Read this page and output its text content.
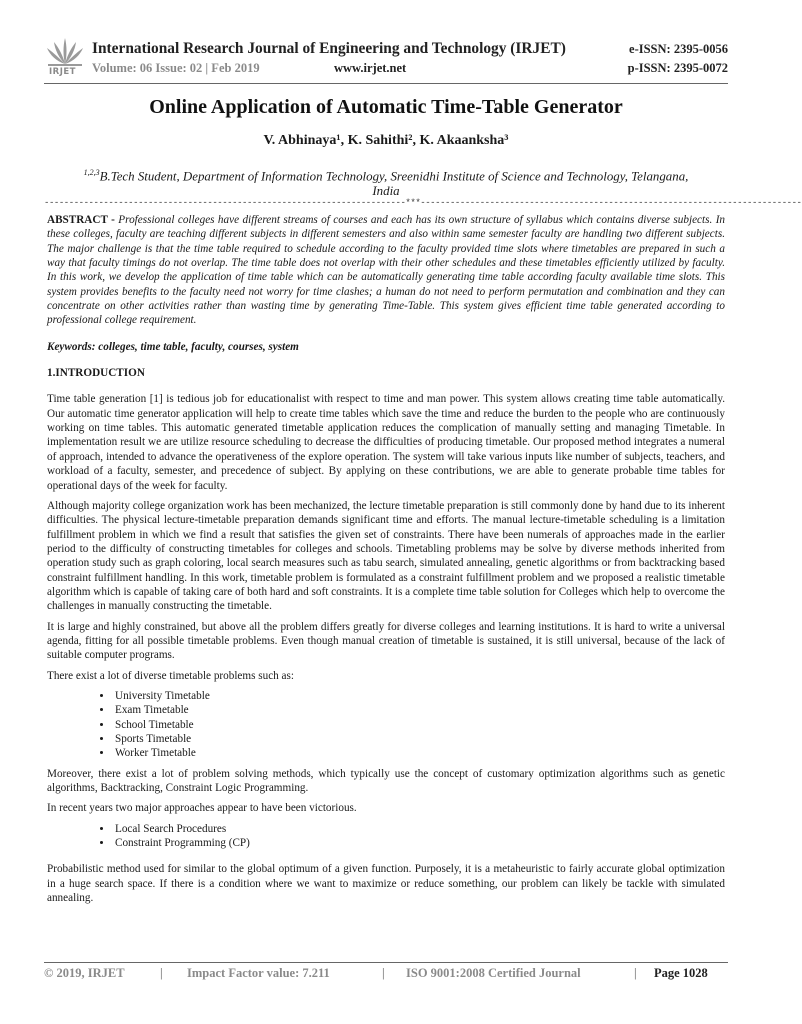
IRJET
International Research Journal of Engineering and Technology (IRJET)
Volume: 06 Issue: 02 | Feb 2019	www.irjet.net
e-ISSN: 2395-0056
p-ISSN: 2395-0072
Online Application of Automatic Time-Table Generator
V. Abhinaya¹, K. Sahithi², K. Akaanksha³
$^{1,2,3}$B.Tech Student, Department of Information Technology, Sreenidhi Institute of Science and Technology, Telangana, India
-------------------------------------------------------------------------***-----------------------------------------------------------------------------

ABSTRACT - Professional colleges have different streams of courses and each has its own structure of syllabus which contains diverse subjects. In these colleges, faculty are teaching different subjects in different semesters and also within same semester faculty are handling two different subjects. The major challenge is that the time table required to schedule according to the faculty provided time slots where timetables are prepared in such a way that faculty timings do not overlap. The time table does not overlap with their other schedules and these timetables efficiently utilized by faculty. In this work, we develop the application of time table which can be automatically generating time table according faculty available time slots. This system provides benefits to the faculty need not worry for time clashes; a human do not need to perform permutation and combination and they can concentrate on other activities rather than wasting time by generating Time-Table. This system gives efficient time table generated according to professional college requirement.

Keywords: colleges, time table, faculty, courses, system

1.INTRODUCTION

Time table generation [1] is tedious job for educationalist with respect to time and man power. This system allows creating time table automatically. Our automatic time generator application will help to create time tables which save the time and reduce the burden to the people who are continuously working on time tables. This automatic generated timetable application reduces the complication of manually setting and managing Timetable. In implementation result we are utilize resource scheduling to decrease the difficulties of producing timetable. Our proposed method integrates a numeral of approach, intended to advance the operativeness of the explore operation. The system will take various inputs like number of subjects, teachers, and workload of a faculty, semester, and precedence of subject. By applying on these contributions, we are able to generate probable time tables for operational days of the week for faculty.

Although majority college organization work has been mechanized, the lecture timetable preparation is still commonly done by hand due to its inherent difficulties. The physical lecture-timetable preparation demands significant time and efforts. The manual lecture-timetable scheduling is a limitation fulfillment problem in which we find a result that satisfies the given set of constraints. There have been numerals of approaches made in the earlier period to the difficulty of constructing timetables for colleges and schools. Timetabling problems may be solve by diverse methods inherited from operation study such as graph coloring, local search measures such as tabu search, simulated annealing, genetic algorithms or from backtracking based constraint fulfillment handling. In this work, timetable problem is formulated as a constraint fulfillment problem and we proposed a realistic timetable algorithm which is capable of taking care of both hard and soft constraints. It is a complete time table solution for Colleges which help to overcome the challenges in manually constructing the timetable.

It is large and highly constrained, but above all the problem differs greatly for diverse colleges and learning institutions. It is hard to write a universal agenda, fitting for all possible timetable problems. Even though manual creation of timetable is sustained, it is still universal, because of the lack of suitable computer programs.

There exist a lot of diverse timetable problems such as:

• University Timetable
• Exam Timetable
• School Timetable
• Sports Timetable
• Worker Timetable

Moreover, there exist a lot of problem solving methods, which typically use the concept of customary optimization algorithms such as genetic algorithms, Backtracking, Constraint Logic Programming.

In recent years two major approaches appear to have been victorious.

• Local Search Procedures
• Constraint Programming (CP)

Probabilistic method used for similar to the global optimum of a given function. Purposely, it is a metaheuristic to fairly accurate global optimization in a huge search space. If there is a condition where we want to maximize or reduce something, our problem can likely be tackle with simulated annealing.

© 2019, IRJET	| Impact Factor value: 7.211	| ISO 9001:2008 Certified Journal	| Page 1028
